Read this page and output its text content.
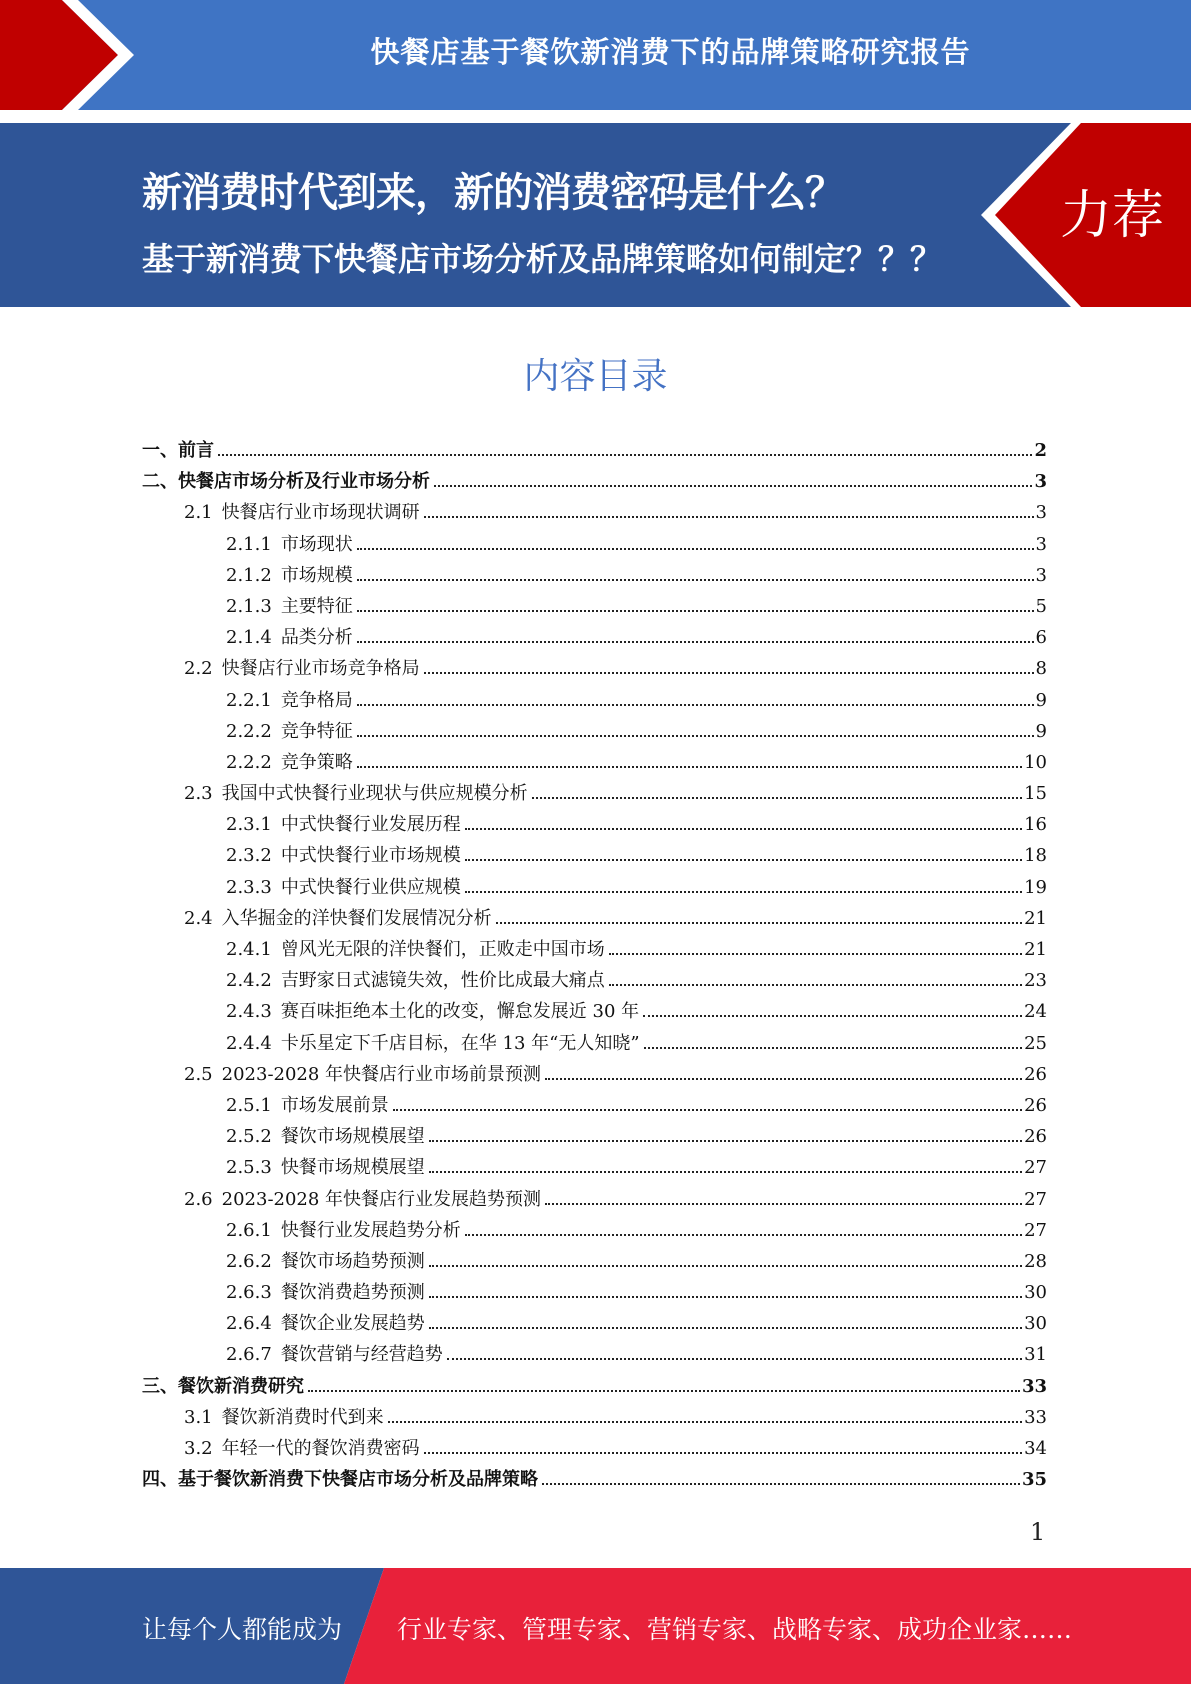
快餐店基于餐饮新消费下的品牌策略研究报告
新消费时代到来，新的消费密码是什么？
基于新消费下快餐店市场分析及品牌策略如何制定？？？
力荐
内容目录
一、 前言	2
二、 快餐店市场分析及行业市场分析	3
2.1 快餐店行业市场现状调研	3
2.1.1 市场现状	3
2.1.2 市场规模	3
2.1.3 主要特征	5
2.1.4 品类分析	6
2.2 快餐店行业市场竞争格局	8
2.2.1 竞争格局	9
2.2.2 竞争特征	9
2.2.2 竞争策略	10
2.3 我国中式快餐行业现状与供应规模分析	15
2.3.1 中式快餐行业发展历程	16
2.3.2 中式快餐行业市场规模	18
2.3.3 中式快餐行业供应规模	19
2.4 入华掘金的洋快餐们发展情况分析	21
2.4.1 曾风光无限的洋快餐们，正败走中国市场	21
2.4.2 吉野家日式滤镜失效，性价比成最大痛点	23
2.4.3 赛百味拒绝本土化的改变，懈怠发展近 30 年	24
2.4.4 卡乐星定下千店目标，在华 13 年“无人知晓”	25
2.5 2023-2028 年快餐店行业市场前景预测	26
2.5.1 市场发展前景	26
2.5.2 餐饮市场规模展望	26
2.5.3 快餐市场规模展望	27
2.6 2023-2028 年快餐店行业发展趋势预测	27
2.6.1 快餐行业发展趋势分析	27
2.6.2 餐饮市场趋势预测	28
2.6.3 餐饮消费趋势预测	30
2.6.4 餐饮企业发展趋势	30
2.6.7 餐饮营销与经营趋势	31
三、 餐饮新消费研究	33
3.1 餐饮新消费时代到来	33
3.2 年轻一代的餐饮消费密码	34
四、 基于餐饮新消费下快餐店市场分析及品牌策略	35
1
让每个人都能成为 行业专家、管理专家、营销专家、战略专家、成功企业家……
